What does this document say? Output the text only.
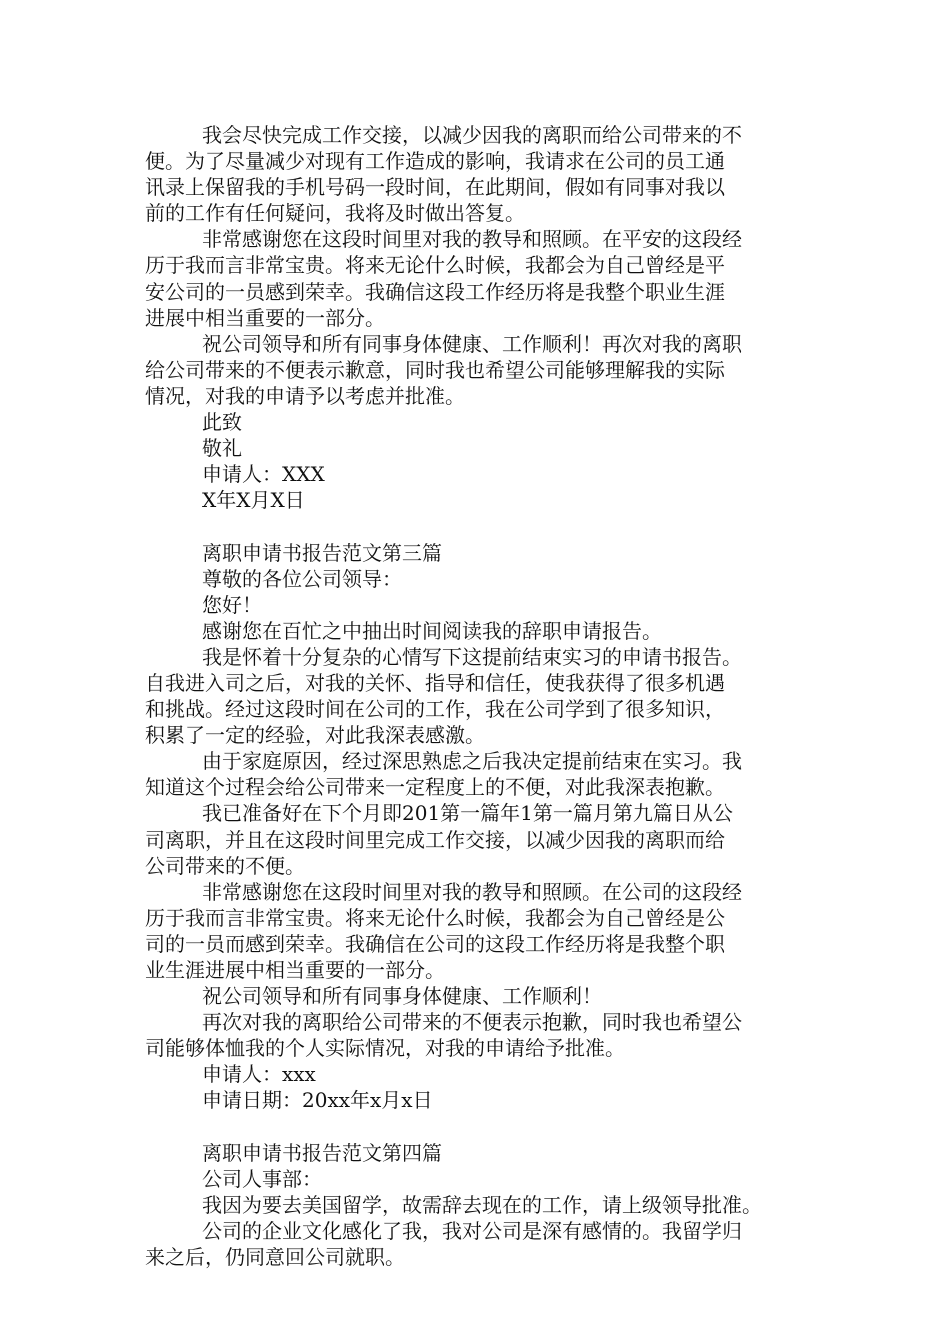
我会尽快完成工作交接，以减少因我的离职而给公司带来的不
便。为了尽量减少对现有工作造成的影响，我请求在公司的员工通
讯录上保留我的手机号码一段时间，在此期间，假如有同事对我以
前的工作有任何疑问，我将及时做出答复。
非常感谢您在这段时间里对我的教导和照顾。在平安的这段经
历于我而言非常宝贵。将来无论什么时候，我都会为自己曾经是平
安公司的一员感到荣幸。我确信这段工作经历将是我整个职业生涯
进展中相当重要的一部分。
祝公司领导和所有同事身体健康、工作顺利！再次对我的离职
给公司带来的不便表示歉意，同时我也希望公司能够理解我的实际
情况，对我的申请予以考虑并批准。
此致
敬礼
申请人：XXX
X年X月X日
离职申请书报告范文第三篇
尊敬的各位公司领导：
您好！
感谢您在百忙之中抽出时间阅读我的辞职申请报告。
我是怀着十分复杂的心情写下这提前结束实习的申请书报告。
自我进入司之后，对我的关怀、指导和信任，使我获得了很多机遇
和挑战。经过这段时间在公司的工作，我在公司学到了很多知识，
积累了一定的经验，对此我深表感激。
由于家庭原因，经过深思熟虑之后我决定提前结束在实习。我
知道这个过程会给公司带来一定程度上的不便，对此我深表抱歉。
我已准备好在下个月即201第一篇年1第一篇月第九篇日从公
司离职，并且在这段时间里完成工作交接，以减少因我的离职而给
公司带来的不便。
非常感谢您在这段时间里对我的教导和照顾。在公司的这段经
历于我而言非常宝贵。将来无论什么时候，我都会为自己曾经是公
司的一员而感到荣幸。我确信在公司的这段工作经历将是我整个职
业生涯进展中相当重要的一部分。
祝公司领导和所有同事身体健康、工作顺利！
再次对我的离职给公司带来的不便表示抱歉，同时我也希望公
司能够体恤我的个人实际情况，对我的申请给予批准。
申请人：xxx
申请日期：20xx年x月x日
离职申请书报告范文第四篇
公司人事部：
我因为要去美国留学，故需辞去现在的工作，请上级领导批准。
公司的企业文化感化了我，我对公司是深有感情的。我留学归
来之后，仍同意回公司就职。
